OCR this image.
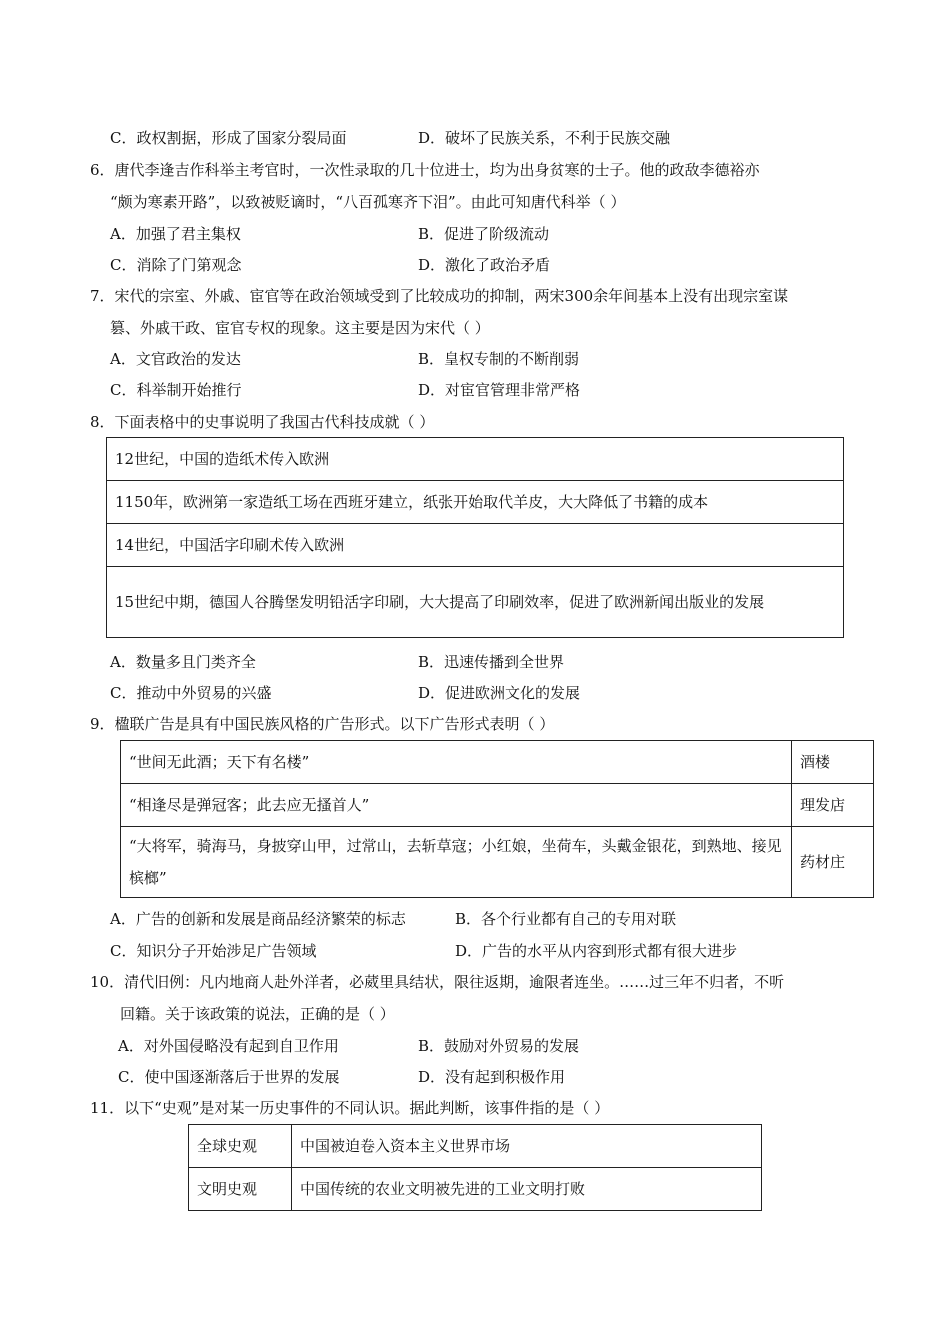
C．政权割据，形成了国家分裂局面	D．破坏了民族关系，不利于民族交融
6．唐代李逢吉作科举主考官时，一次性录取的几十位进士，均为出身贫寒的士子。他的政敌李德裕亦
“颇为寒素开路”，以致被贬谪时，“八百孤寒齐下泪”。由此可知唐代科举（ ）
A．加强了君主集权	B．促进了阶级流动
C．消除了门第观念	D．激化了政治矛盾
7．宋代的宗室、外戚、宦官等在政治领域受到了比较成功的抑制，两宋300余年间基本上没有出现宗室谋
篡、外戚干政、宦官专权的现象。这主要是因为宋代（ ）
A．文官政治的发达	B．皇权专制的不断削弱
C．科举制开始推行	D．对宦官管理非常严格
8．下面表格中的史事说明了我国古代科技成就（ ）
12世纪，中国的造纸术传入欧洲
1150年，欧洲第一家造纸工场在西班牙建立，纸张开始取代羊皮，大大降低了书籍的成本
14世纪，中国活字印刷术传入欧洲
15世纪中期，德国人谷腾堡发明铅活字印刷，大大提高了印刷效率，促进了欧洲新闻出版业的发展
A．数量多且门类齐全	B．迅速传播到全世界
C．推动中外贸易的兴盛	D．促进欧洲文化的发展
9．楹联广告是具有中国民族风格的广告形式。以下广告形式表明（ ）
“世间无此酒；天下有名楼”	酒楼
“相逢尽是弹冠客；此去应无搔首人”	理发店
“大将军，骑海马，身披穿山甲，过常山，去斩草寇；小红娘，坐荷车，头戴金银花，到熟地、接见槟榔”	药材庄
A．广告的创新和发展是商品经济繁荣的标志	B．各个行业都有自己的专用对联
C．知识分子开始涉足广告领域	D．广告的水平从内容到形式都有很大进步
10．清代旧例：凡内地商人赴外洋者，必葳里具结状，限往返期，逾限者连坐。……过三年不归者，不听
回籍。关于该政策的说法，正确的是（ ）
A．对外国侵略没有起到自卫作用	B．鼓励对外贸易的发展
C．使中国逐渐落后于世界的发展	D．没有起到积极作用
11．以下“史观”是对某一历史事件的不同认识。据此判断，该事件指的是（ ）
全球史观	中国被迫卷入资本主义世界市场
文明史观	中国传统的农业文明被先进的工业文明打败
